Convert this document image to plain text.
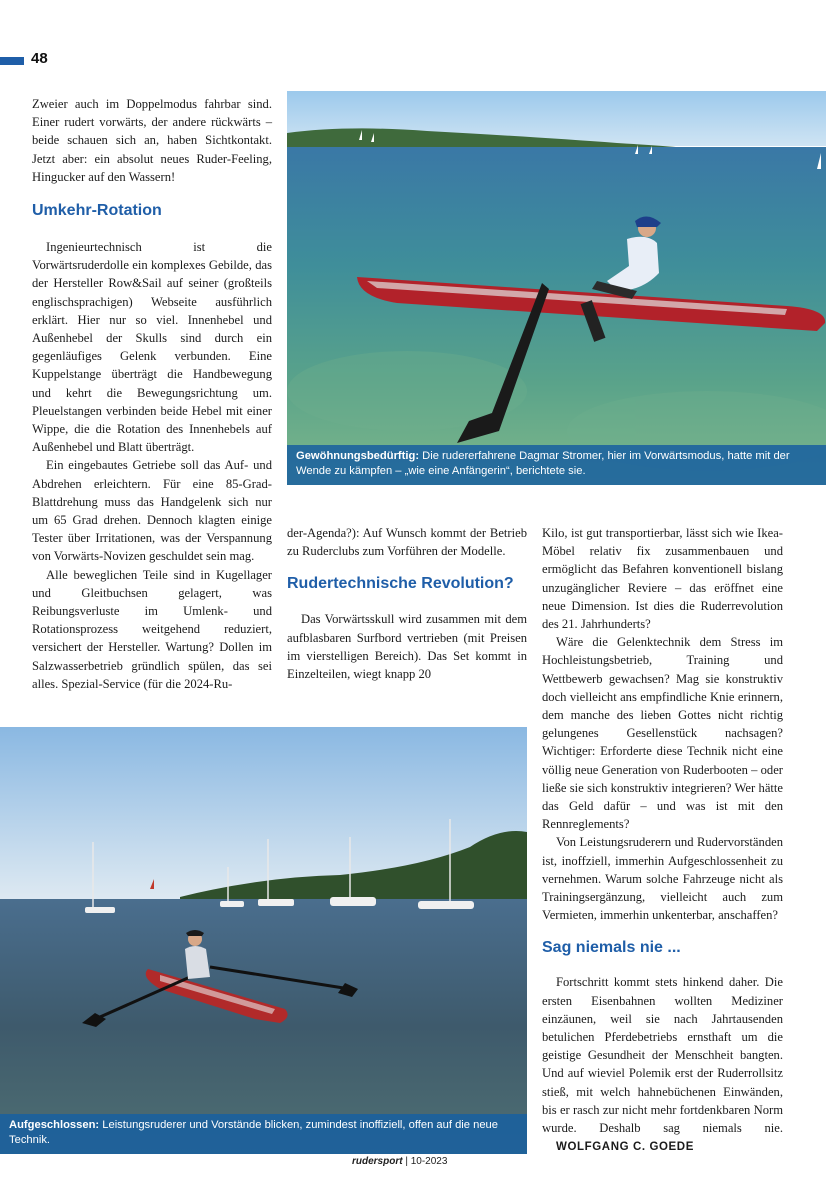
48

Zweier auch im Doppelmodus fahrbar sind. Einer rudert vorwärts, der andere rückwärts – beide schauen sich an, haben Sichtkontakt. Jetzt aber: ein absolut neues Ruder-Feeling, Hingucker auf den Wassern!

Umkehr-Rotation

Ingenieurtechnisch ist die Vorwärtsruderdolle ein komplexes Gebilde, das der Hersteller Row&Sail auf seiner (großteils englischsprachigen) Webseite ausführlich erklärt. Hier nur so viel. Innenhebel und Außenhebel der Skulls sind durch ein gegenläufiges Gelenk verbunden. Eine Kuppelstange überträgt die Handbewegung und kehrt die Bewegungsrichtung um. Pleuelstangen verbinden beide Hebel mit einer Wippe, die die Rotation des Innenhebels auf Außenhebel und Blatt überträgt.

Ein eingebautes Getriebe soll das Auf- und Abdrehen erleichtern. Für eine 85-Grad-Blattdrehung muss das Handgelenk sich nur um 65 Grad drehen. Dennoch klagten einige Tester über Irritationen, was der Verspannung von Vorwärts-Novizen geschuldet sein mag.

Alle beweglichen Teile sind in Kugellager und Gleitbuchsen gelagert, was Reibungsverluste im Umlenk- und Rotationsprozess weitgehend reduziert, versichert der Hersteller. Wartung? Dollen im Salzwasserbetrieb gründlich spülen, das sei alles. Spezial-Service (für die 2024-Ru-

Gewöhnungsbedürftig: Die rudererfahrene Dagmar Stromer, hier im Vorwärtsmodus, hatte mit der Wende zu kämpfen – „wie eine Anfängerin“, berichtete sie.

der-Agenda?): Auf Wunsch kommt der Betrieb zu Ruderclubs zum Vorführen der Modelle.

Rudertechnische Revolution?

Das Vorwärtsskull wird zusammen mit dem aufblasbaren Surfbord vertrieben (mit Preisen im vierstelligen Bereich). Das Set kommt in Einzelteilen, wiegt knapp 20

Kilo, ist gut transportierbar, lässt sich wie Ikea-Möbel relativ fix zusammenbauen und ermöglicht das Befahren konventionell bislang unzugänglicher Reviere – das eröffnet eine neue Dimension. Ist dies die Ruderrevolution des 21. Jahrhunderts?

Wäre die Gelenktechnik dem Stress im Hochleistungsbetrieb, Training und Wettbewerb gewachsen? Mag sie konstruktiv doch vielleicht ans empfindliche Knie erinnern, dem manche des lieben Gottes nicht richtig gelungenes Gesellenstück nachsagen? Wichtiger: Erforderte diese Technik nicht eine völlig neue Generation von Ruderbooten – oder ließe sie sich konstruktiv integrieren? Wer hätte das Geld dafür – und was ist mit den Rennreglements?

Von Leistungsruderern und Rudervorständen ist, inoffziell, immerhin Aufgeschlossenheit zu vernehmen. Warum solche Fahrzeuge nicht als Trainingsergänzung, vielleicht auch zum Vermieten, immerhin unkenterbar, anschaffen?

Sag niemals nie ...

Fortschritt kommt stets hinkend daher. Die ersten Eisenbahnen wollten Mediziner einzäunen, weil sie nach Jahrtausenden betulichen Pferdebetriebs ernsthaft um die geistige Gesundheit der Menschheit bangten. Und auf wieviel Polemik erst der Ruderrollsitz stieß, mit welch hahnebüchenen Einwänden, bis er rasch zur nicht mehr fortdenkbaren Norm wurde. Deshalb sag niemals nie. WOLFGANG C. GOEDE

Aufgeschlossen: Leistungsruderer und Vorstände blicken, zumindest inoffiziell, offen auf die neue Technik.
rudersport | 10-2023
